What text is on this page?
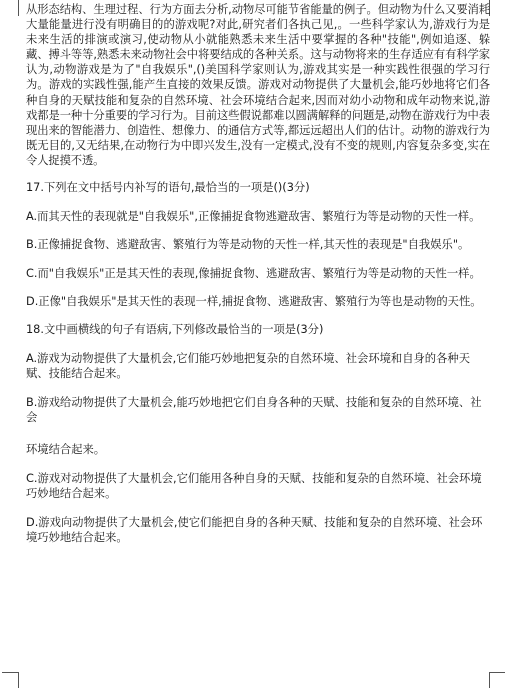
从形态结构、生理过程、行为方面去分析,动物尽可能节省能量的例子。但动物为什么又要消耗大量能量进行没有明确目的的游戏呢?对此,研究者们各执己见,。一些科学家认为,游戏行为是未来生活的排演或演习,使动物从小就能熟悉未来生活中要掌握的各种"技能",例如追逐、躲藏、搏斗等等,熟悉未来动物社会中将要结成的各种关系。这与动物将来的生存适应有有科学家认为,动物游戏是为了"自我娱乐",()美国科学家则认为,游戏其实是一种实践性很强的学习行为。游戏的实践性强,能产生直接的效果反馈。游戏对动物提供了大量机会,能巧妙地将它们各种自身的天赋技能和复杂的自然环境、社会环境结合起来,因而对幼小动物和成年动物来说,游戏都是一种十分重要的学习行为。目前这些假说都难以圆满解释的问题是,动物在游戏行为中表现出来的智能潜力、创造性、想像力、的通信方式等,都远远超出人们的估计。动物的游戏行为既无目的,又无结果,在动物行为中即兴发生,没有一定模式,没有不变的规则,内容复杂多变,实在令人捉摸不透。

17.下列在文中括号内补写的语句,最恰当的一项是()(3分)

A.而其天性的表现就是"自我娱乐",正像捕捉食物逃避敌害、繁殖行为等是动物的天性一样。

B.正像捕捉食物、逃避敌害、繁殖行为等是动物的天性一样,其天性的表现是"自我娱乐"。

C.而"自我娱乐"正是其天性的表现,像捕捉食物、逃避敌害、繁殖行为等是动物的天性一样。

D.正像"自我娱乐"是其天性的表现一样,捕捉食物、逃避敌害、繁殖行为等也是动物的天性。

18.文中画横线的句子有语病,下列修改最恰当的一项是(3分)

A.游戏为动物提供了大量机会,它们能巧妙地把复杂的自然环境、社会环境和自身的各种天赋、技能结合起来。

B.游戏给动物提供了大量机会,能巧妙地把它们自身各种的天赋、技能和复杂的自然环境、社会

环境结合起来。

C.游戏对动物提供了大量机会,它们能用各种自身的天赋、技能和复杂的自然环境、社会环境巧妙地结合起来。

D.游戏向动物提供了大量机会,使它们能把自身的各种天赋、技能和复杂的自然环境、社会环境巧妙地结合起来。
